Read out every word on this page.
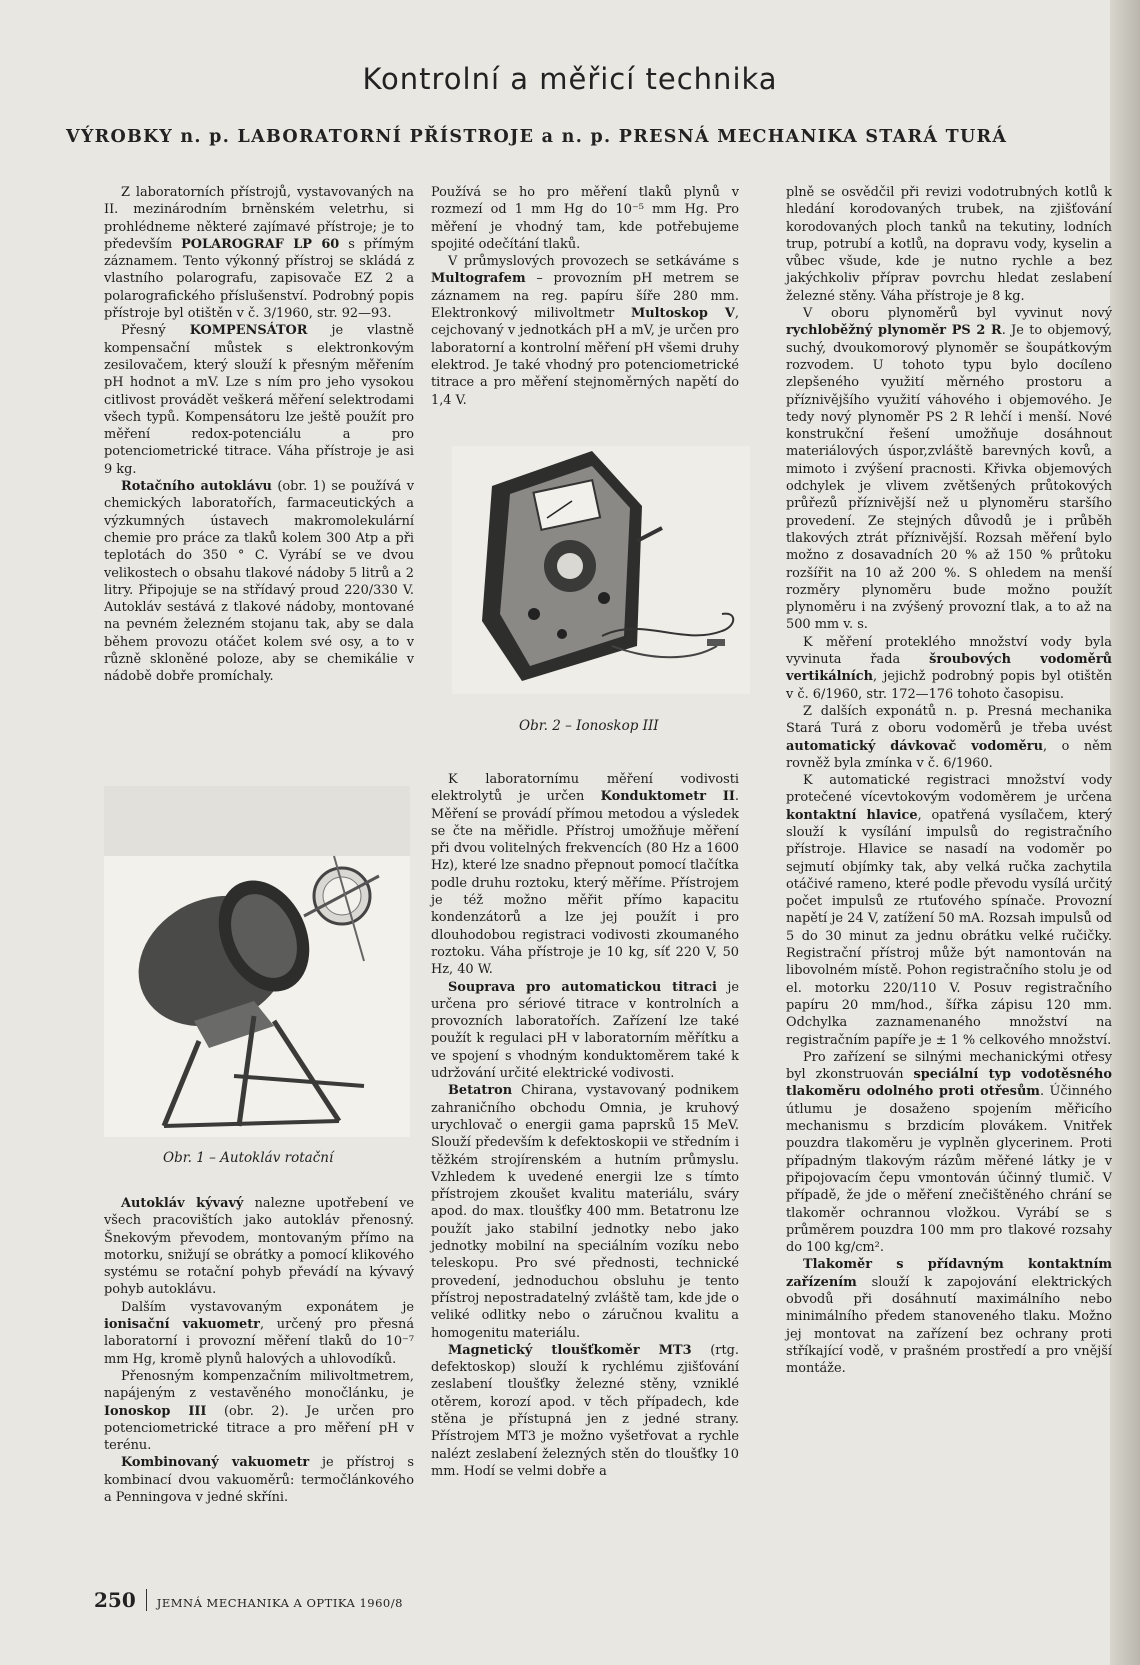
Kontrolní a měřicí technika
VÝROBKY n. p. LABORATORNÍ PŘÍSTROJE a n. p. PRESNÁ MECHANIKA STARÁ TURÁ

Z laboratorních přístrojů, vystavovaných na II. mezinárodním brněnském veletrhu, si prohlédneme některé zajímavé přístroje; je to především POLAROGRAF LP 60 s přímým záznamem. Tento výkonný přístroj se skládá z vlastního polarografu, zapisovače EZ 2 a polarografického příslušenství. Podrobný popis přístroje byl otištěn v č. 3/1960, str. 92—93.

Přesný KOMPENSÁTOR je vlastně kompensační můstek s elektronkovým zesilovačem, který slouží k přesným měřením pH hodnot a mV. Lze s ním pro jeho vysokou citlivost provádět veškerá měření selektrodami všech typů. Kompensátoru lze ještě použít pro měření redox-potenciálu a pro potenciometrické titrace. Váha přístroje je asi 9 kg.

Rotačního autoklávu (obr. 1) se používá v chemických laboratořích, farmaceutických a výzkumných ústavech makromolekulární chemie pro práce za tlaků kolem 300 Atp a při teplotách do 350 ° C. Vyrábí se ve dvou velikostech o obsahu tlakové nádoby 5 litrů a 2 litry. Připojuje se na střídavý proud 220/330 V. Autokláv sestává z tlakové nádoby, montované na pevném železném stojanu tak, aby se dala během provozu otáčet kolem své osy, a to v různě skloněné poloze, aby se chemikálie v nádobě dobře promíchaly.

Obr. 1 – Autokláv rotační

Autokláv kývavý nalezne upotřebení ve všech pracovištích jako autokláv přenosný. Šnekovým převodem, montovaným přímo na motorku, snižují se obrátky a pomocí klikového systému se rotační pohyb převádí na kývavý pohyb autoklávu.

Dalším vystavovaným exponátem je ionisační vakuometr, určený pro přesná laboratorní i provozní měření tlaků do 10⁻⁷ mm Hg, kromě plynů halových a uhlovodíků.

Přenosným kompenzačním milivoltmetrem, napájeným z vestavěného monočlánku, je Ionoskop III (obr. 2). Je určen pro potenciometrické titrace a pro měření pH v terénu.

Kombinovaný vakuometr je přístroj s kombinací dvou vakuoměrů: termočlánkového a Penningova v jedné skříni.

Používá se ho pro měření tlaků plynů v rozmezí od 1 mm Hg do 10⁻⁵ mm Hg. Pro měření je vhodný tam, kde potřebujeme spojité odečítání tlaků.

V průmyslových provozech se setkáváme s Multografem – provozním pH metrem se záznamem na reg. papíru šíře 280 mm. Elektronkový milivoltmetr Multoskop V, cejchovaný v jednotkách pH a mV, je určen pro laboratorní a kontrolní měření pH všemi druhy elektrod. Je také vhodný pro potenciometrické titrace a pro měření stejnoměrných napětí do 1,4 V.

Obr. 2 – Ionoskop III

K laboratornímu měření vodivosti elektrolytů je určen Konduktometr II. Měření se provádí přímou metodou a výsledek se čte na měřidle. Přístroj umožňuje měření při dvou volitelných frekvencích (80 Hz a 1600 Hz), které lze snadno přepnout pomocí tlačítka podle druhu roztoku, který měříme. Přístrojem je též možno měřit přímo kapacitu kondenzátorů a lze jej použít i pro dlouhodobou registraci vodivosti zkoumaného roztoku. Váha přístroje je 10 kg, síť 220 V, 50 Hz, 40 W.

Souprava pro automatickou titraci je určena pro sériové titrace v kontrolních a provozních laboratořích. Zařízení lze také použít k regulaci pH v laboratorním měřítku a ve spojení s vhodným konduktoměrem také k udržování určité elektrické vodivosti.

Betatron Chirana, vystavovaný podnikem zahraničního obchodu Omnia, je kruhový urychlovač o energii gama paprsků 15 MeV. Slouží především k defektoskopii ve středním i těžkém strojírenském a hutním průmyslu. Vzhledem k uvedené energii lze s tímto přístrojem zkoušet kvalitu materiálu, sváry apod. do max. tloušťky 400 mm. Betatronu lze použít jako stabilní jednotky nebo jako jednotky mobilní na speciálním vozíku nebo teleskopu. Pro své přednosti, technické provedení, jednoduchou obsluhu je tento přístroj nepostradatelný zvláště tam, kde jde o veliké odlitky nebo o záručnou kvalitu a homogenitu materiálu.

Magnetický tloušťkoměr MT3 (rtg. defektoskop) slouží k rychlému zjišťování zeslabení tloušťky železné stěny, vzniklé otěrem, korozí apod. v těch případech, kde stěna je přístupná jen z jedné strany. Přístrojem MT3 je možno vyšetřovat a rychle nalézt zeslabení železných stěn do tloušťky 10 mm. Hodí se velmi dobře a

plně se osvědčil při revizi vodotrubných kotlů k hledání korodovaných trubek, na zjišťování korodovaných ploch tanků na tekutiny, lodních trup, potrubí a kotlů, na dopravu vody, kyselin a vůbec všude, kde je nutno rychle a bez jakýchkoliv příprav povrchu hledat zeslabení železné stěny. Váha přístroje je 8 kg.

V oboru plynoměrů byl vyvinut nový rychloběžný plynoměr PS 2 R. Je to objemový, suchý, dvoukomorový plynoměr se šoupátkovým rozvodem. U tohoto typu bylo docíleno zlepšeného využití měrného prostoru a příznivějšího využití váhového i objemového. Je tedy nový plynoměr PS 2 R lehčí i menší. Nové konstrukční řešení umožňuje dosáhnout materiálových úspor,zvláště barevných kovů, a mimoto i zvýšení pracnosti. Křivka objemových odchylek je vlivem zvětšených průtokových průřezů příznivější než u plynoměru staršího provedení. Ze stejných důvodů je i průběh tlakových ztrát příznivější. Rozsah měření bylo možno z dosavadních 20 % až 150 % průtoku rozšířit na 10 až 200 %. S ohledem na menší rozměry plynoměru bude možno použít plynoměru i na zvýšený provozní tlak, a to až na 500 mm v. s.

K měření proteklého množství vody byla vyvinuta řada šroubových vodoměrů vertikálních, jejichž podrobný popis byl otištěn v č. 6/1960, str. 172—176 tohoto časopisu.

Z dalších exponátů n. p. Presná mechanika Stará Turá z oboru vodoměrů je třeba uvést automatický dávkovač vodoměru, o něm rovněž byla zmínka v č. 6/1960.

K automatické registraci množství vody protečené vícevtokovým vodoměrem je určena kontaktní hlavice, opatřená vysílačem, který slouží k vysílání impulsů do registračního přístroje. Hlavice se nasadí na vodoměr po sejmutí objímky tak, aby velká ručka zachytila otáčivé rameno, které podle převodu vysílá určitý počet impulsů ze rtuťového spínače. Provozní napětí je 24 V, zatížení 50 mA. Rozsah impulsů od 5 do 30 minut za jednu obrátku velké ručičky. Registrační přístroj může být namontován na libovolném místě. Pohon registračního stolu je od el. motorku 220/110 V. Posuv registračního papíru 20 mm/hod., šířka zápisu 120 mm. Odchylka zaznamenaného množství na registračním papíře je ± 1 % celkového množství.

Pro zařízení se silnými mechanickými otřesy byl zkonstruován speciální typ vodotěsného tlakoměru odolného proti otřesům. Účinného útlumu je dosaženo spojením měřicího mechanismu s brzdicím plovákem. Vnitřek pouzdra tlakoměru je vyplněn glycerinem. Proti případným tlakovým rázům měřené látky je v připojovacím čepu vmontován účinný tlumič. V případě, že jde o měření znečištěného chrání se tlakoměr ochrannou vložkou. Vyrábí se s průměrem pouzdra 100 mm pro tlakové rozsahy do 100 kg/cm².

Tlakoměr s přídavným kontaktním zařízením slouží k zapojování elektrických obvodů při dosáhnutí maximálního nebo minimálního předem stanoveného tlaku. Možno jej montovat na zařízení bez ochrany proti stříkající vodě, v prašném prostředí a pro vnější montáže.

250 JEMNÁ MECHANIKA A OPTIKA 1960/8
